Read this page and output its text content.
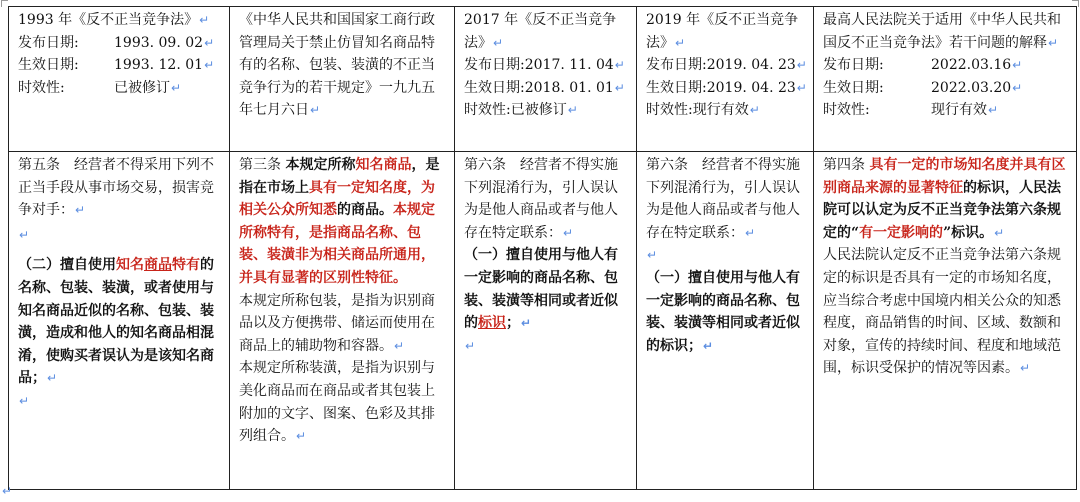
1993 年《反不正当竞争法》↵
发布日期: 1993. 09. 02↵
生效日期: 1993. 12. 01↵
时效性: 已被修订↵	《中华人民共和国国家工商行政管理局关于禁止仿冒知名商品特有的名称、包装、装潢的不正当竞争行为的若干规定》一九九五年七月六日↵	2017 年《反不正当竞争法》↵
发布日期:2017. 11. 04↵
生效日期:2018. 01. 01↵
时效性:已被修订↵	2019 年《反不正当竞争法》↵
发布日期:2019. 04. 23↵
生效日期:2019. 04. 23↵
时效性:现行有效↵	最高人民法院关于适用《中华人民共和国反不正当竞争法》若干问题的解释↵
发布日期: 2022.03.16↵
生效日期: 2022.03.20↵
时效性: 现行有效↵

第五条　经营者不得采用下列不正当手段从事市场交易，损害竞争对手：↵
↵
（二）擅自使用知名商品特有的名称、包装、装潢，或者使用与知名商品近似的名称、包装、装潢，造成和他人的知名商品相混淆，使购买者误认为是该知名商品；↵
↵	第三条 本规定所称知名商品，是指在市场上具有一定知名度，为相关公众所知悉的商品。本规定所称特有，是指商品名称、包装、装潢非为相关商品所通用，并具有显著的区别性特征。
本规定所称包装，是指为识别商品以及方便携带、储运而使用在商品上的辅助物和容器。↵
本规定所称装潢，是指为识别与美化商品而在商品或者其包装上附加的文字、图案、色彩及其排列组合。↵	第六条　经营者不得实施下列混淆行为，引人误认为是他人商品或者与他人存在特定联系：↵
（一）擅自使用与他人有一定影响的商品名称、包装、装潢等相同或者近似的标识；↵
↵	第六条　经营者不得实施下列混淆行为，引人误认为是他人商品或者与他人存在特定联系：↵
↵
（一）擅自使用与他人有一定影响的商品名称、包装、装潢等相同或者近似的标识；↵	第四条 具有一定的市场知名度并具有区别商品来源的显著特征的标识，人民法院可以认定为反不正当竞争法第六条规定的“有一定影响的”标识。↵
人民法院认定反不正当竞争法第六条规定的标识是否具有一定的市场知名度，应当综合考虑中国境内相关公众的知悉程度，商品销售的时间、区域、数额和对象，宣传的持续时间、程度和地域范围，标识受保护的情况等因素。↵
↵
